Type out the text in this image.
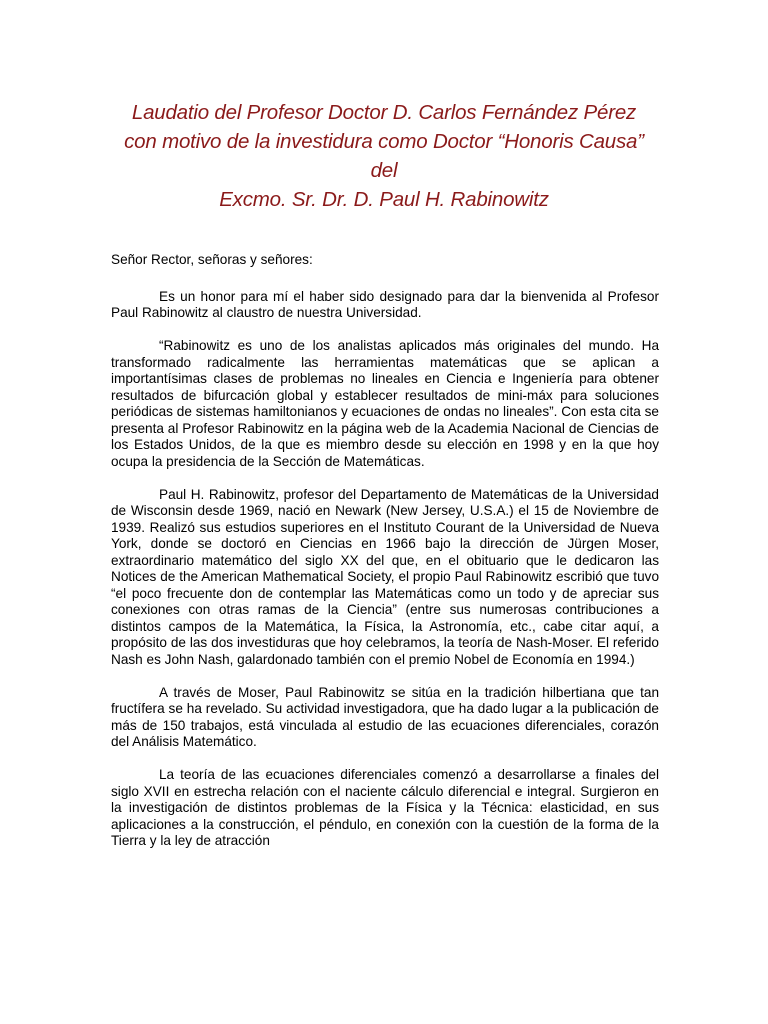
Laudatio del Profesor Doctor D. Carlos Fernández Pérez
con motivo de la investidura como Doctor “Honoris Causa”
del
Excmo. Sr. Dr. D. Paul H. Rabinowitz

Señor Rector, señoras y señores:

Es un honor para mí el haber sido designado para dar la bienvenida al Profesor Paul Rabinowitz al claustro de nuestra Universidad.

“Rabinowitz es uno de los analistas aplicados más originales del mundo. Ha transformado radicalmente las herramientas matemáticas que se aplican a importantísimas clases de problemas no lineales en Ciencia e Ingeniería para obtener resultados de bifurcación global y establecer resultados de mini-máx para soluciones periódicas de sistemas hamiltonianos y ecuaciones de ondas no lineales”. Con esta cita se presenta al Profesor Rabinowitz en la página web de la Academia Nacional de Ciencias de los Estados Unidos, de la que es miembro desde su elección en 1998 y en la que hoy ocupa la presidencia de la Sección de Matemáticas.

Paul H. Rabinowitz, profesor del Departamento de Matemáticas de la Universidad de Wisconsin desde 1969, nació en Newark (New Jersey, U.S.A.) el 15 de Noviembre de 1939. Realizó sus estudios superiores en el Instituto Courant de la Universidad de Nueva York, donde se doctoró en Ciencias en 1966 bajo la dirección de Jürgen Moser, extraordinario matemático del siglo XX del que, en el obituario que le dedicaron las Notices de the American Mathematical Society, el propio Paul Rabinowitz escribió que tuvo “el poco frecuente don de contemplar las Matemáticas como un todo y de apreciar sus conexiones con otras ramas de la Ciencia” (entre sus numerosas contribuciones a distintos campos de la Matemática, la Física, la Astronomía, etc., cabe citar aquí, a propósito de las dos investiduras que hoy celebramos, la teoría de Nash-Moser. El referido Nash es John Nash, galardonado también con el premio Nobel de Economía en 1994.)

A través de Moser, Paul Rabinowitz se sitúa en la tradición hilbertiana que tan fructífera se ha revelado. Su actividad investigadora, que ha dado lugar a la publicación de más de 150 trabajos, está vinculada al estudio de las ecuaciones diferenciales, corazón del Análisis Matemático.

La teoría de las ecuaciones diferenciales comenzó a desarrollarse a finales del siglo XVII en estrecha relación con el naciente cálculo diferencial e integral. Surgieron en la investigación de distintos problemas de la Física y la Técnica: elasticidad, en sus aplicaciones a la construcción, el péndulo, en conexión con la cuestión de la forma de la Tierra y la ley de atracción
